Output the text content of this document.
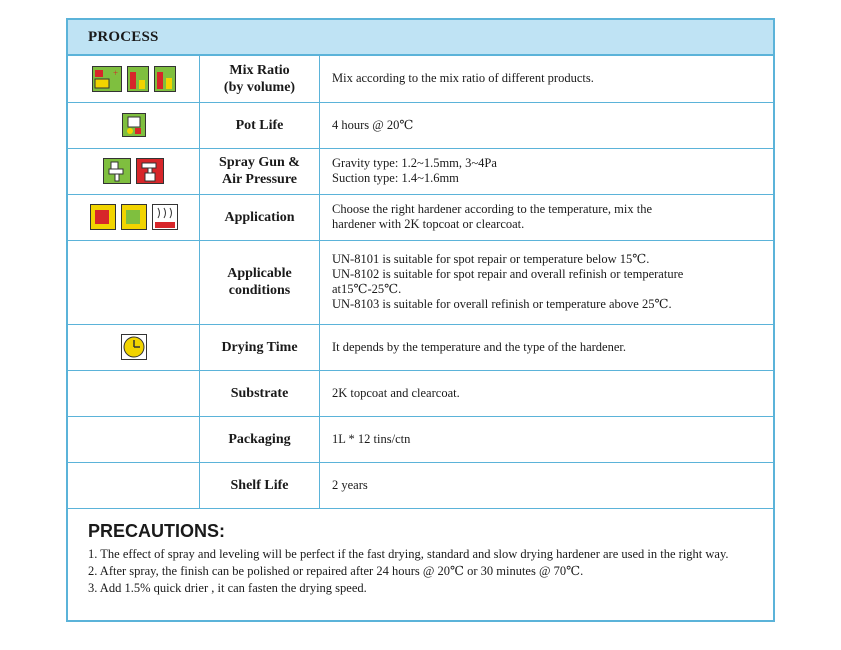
PROCESS
+	Mix Ratio
(by volume)	Mix according to the mix ratio of different products.

	Pot Life	4 hours @ 20℃

	Spray Gun &
Air Pressure	Gravity type: 1.2~1.5mm, 3~4Pa
Suction type: 1.4~1.6mm

	Application	Choose the right hardener according to the temperature, mix the
hardener with 2K topcoat or clearcoat.

	Applicable
conditions	UN-8101 is suitable for spot repair or temperature below 15℃.
UN-8102 is suitable for spot repair and overall refinish or temperature
at15℃-25℃.
UN-8103 is suitable for overall refinish or temperature above 25℃.

	Drying Time	It depends by the temperature and the type of the hardener.

	Substrate	2K topcoat and clearcoat.

	Packaging	1L * 12 tins/ctn

	Shelf Life	2 years
PRECAUTIONS:
1. The effect of spray and leveling will be perfect if the fast drying, standard and slow drying hardener are used in the right way.
2. After spray, the finish can be polished or repaired after 24 hours @ 20℃ or 30 minutes @ 70℃.
3. Add 1.5% quick drier , it can fasten the drying speed.
